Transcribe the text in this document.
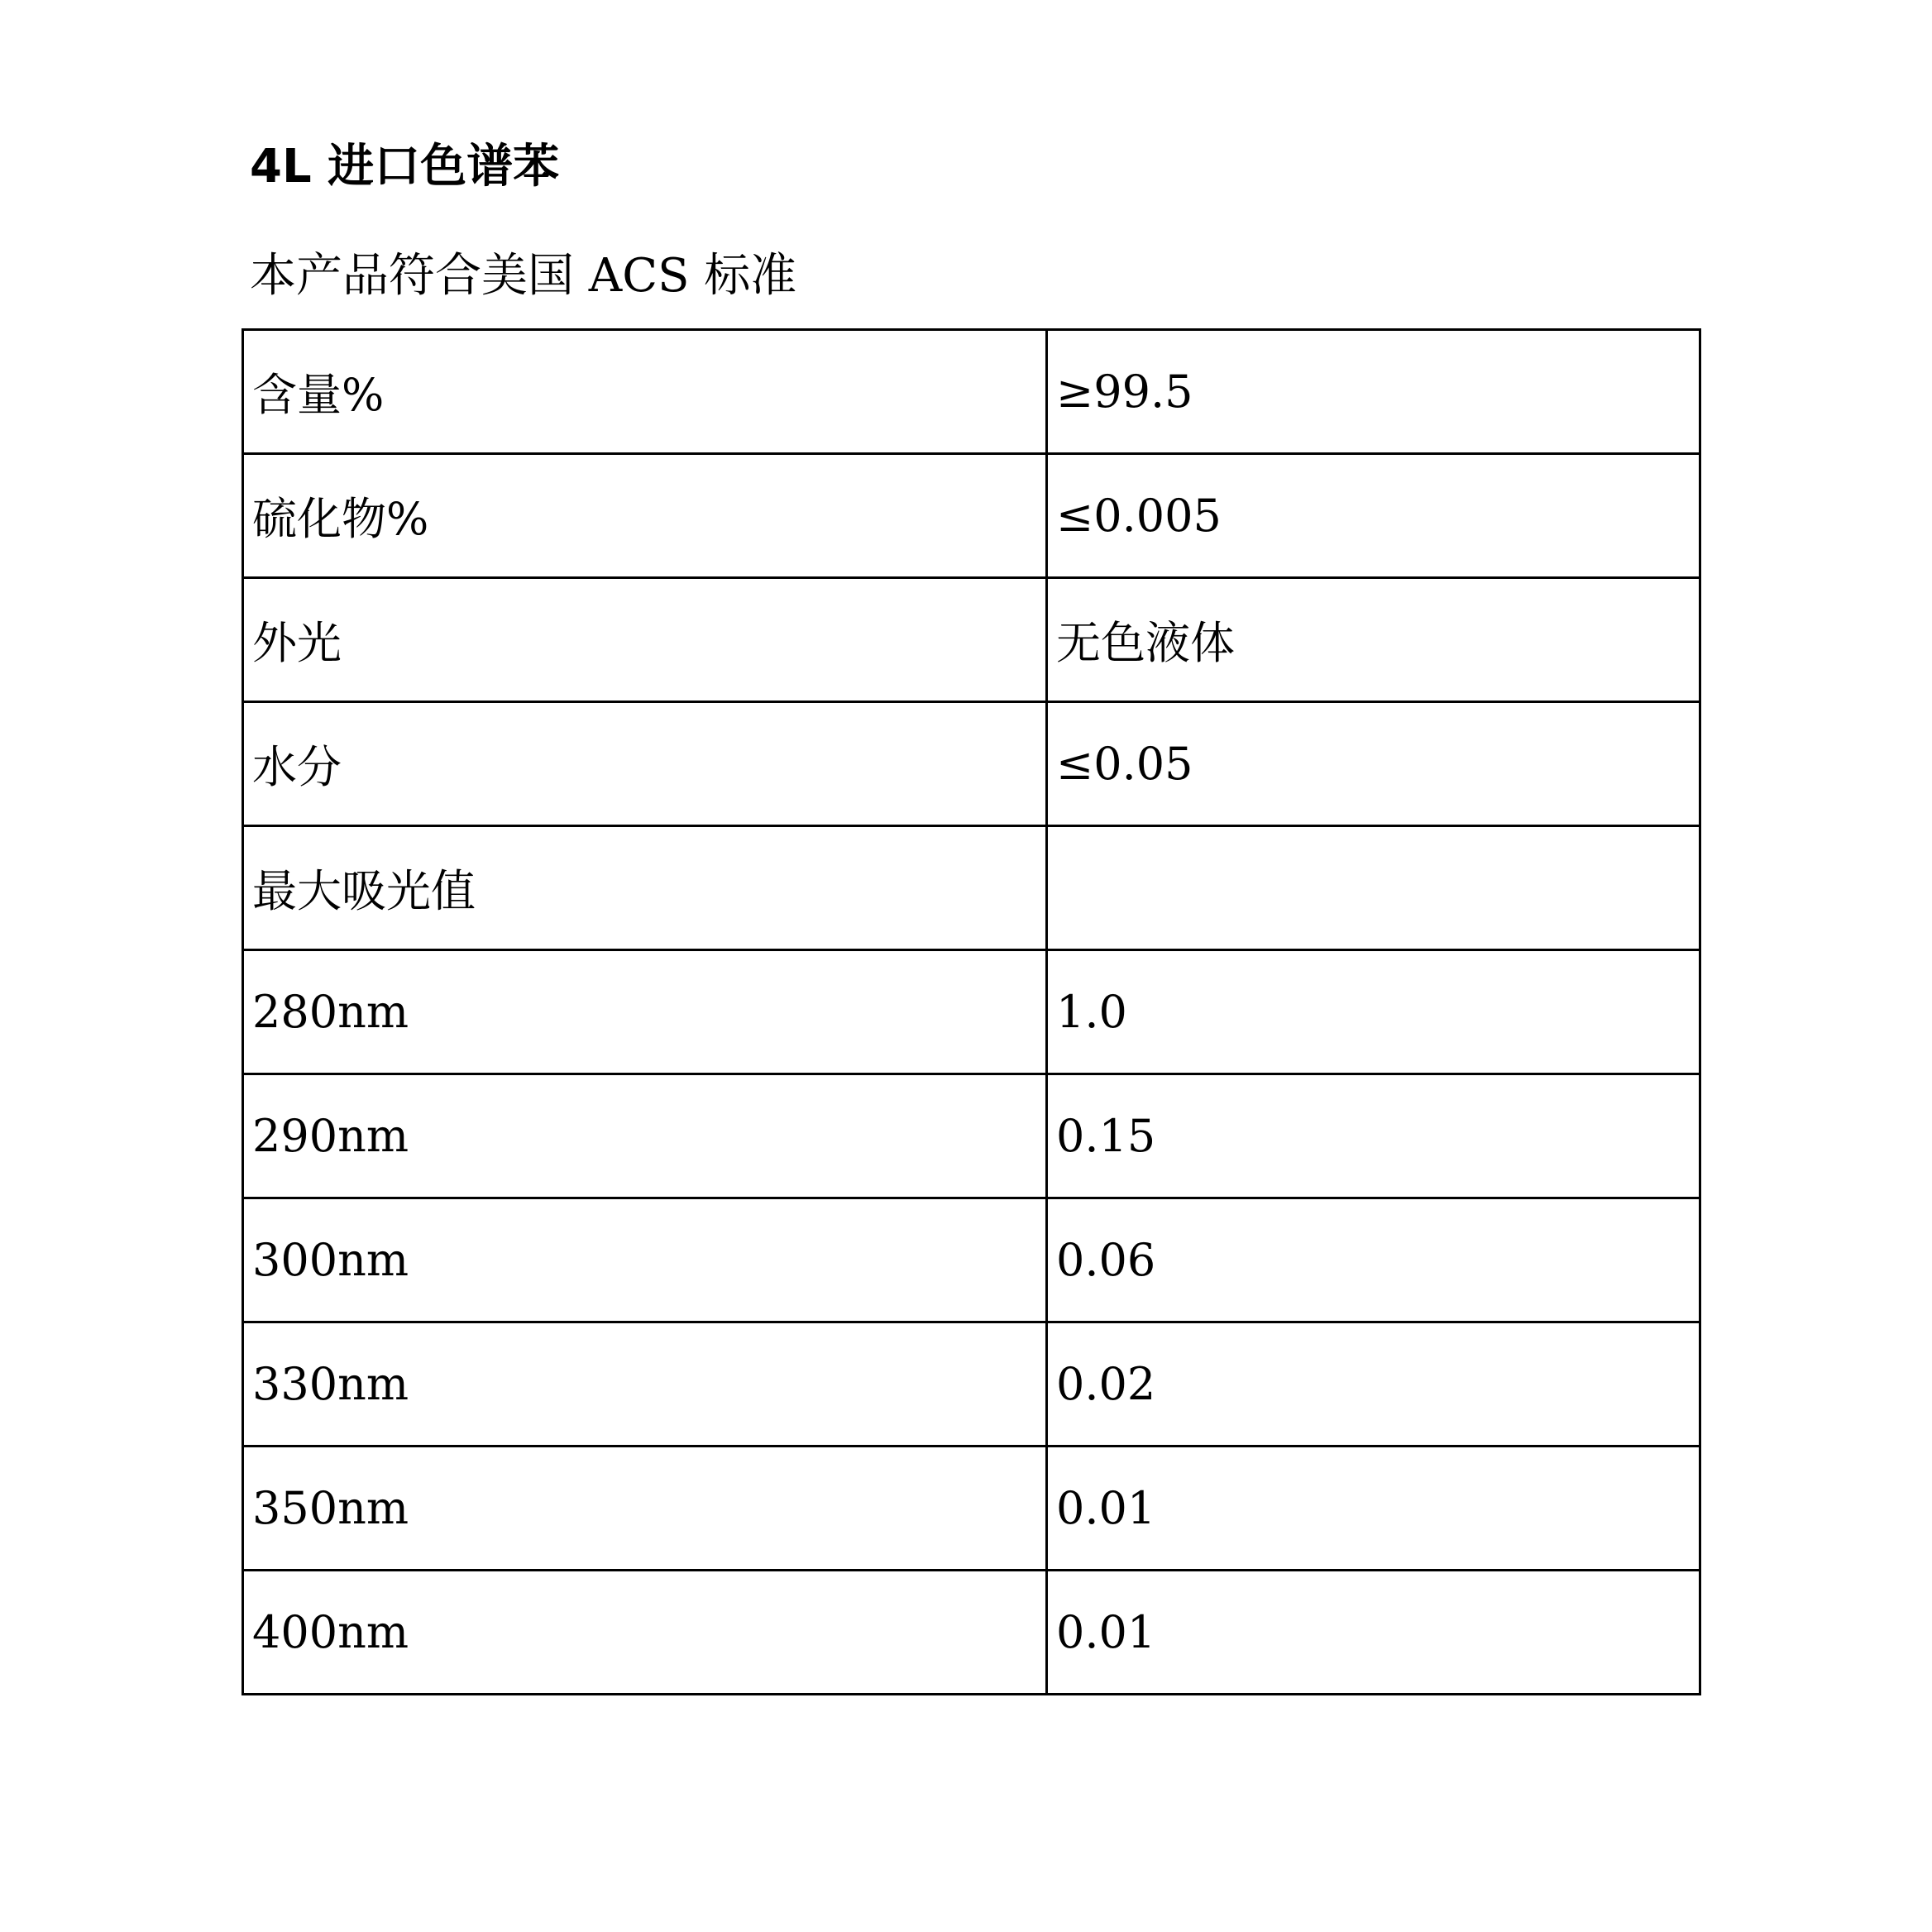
4L 进口色谱苯
本产品符合美国 ACS 标准
含量%	≥99.5
硫化物%	≤0.005
外光	无色液体
水分	≤0.05
最大吸光值	
280nm	1.0
290nm	0.15
300nm	0.06
330nm	0.02
350nm	0.01
400nm	0.01
